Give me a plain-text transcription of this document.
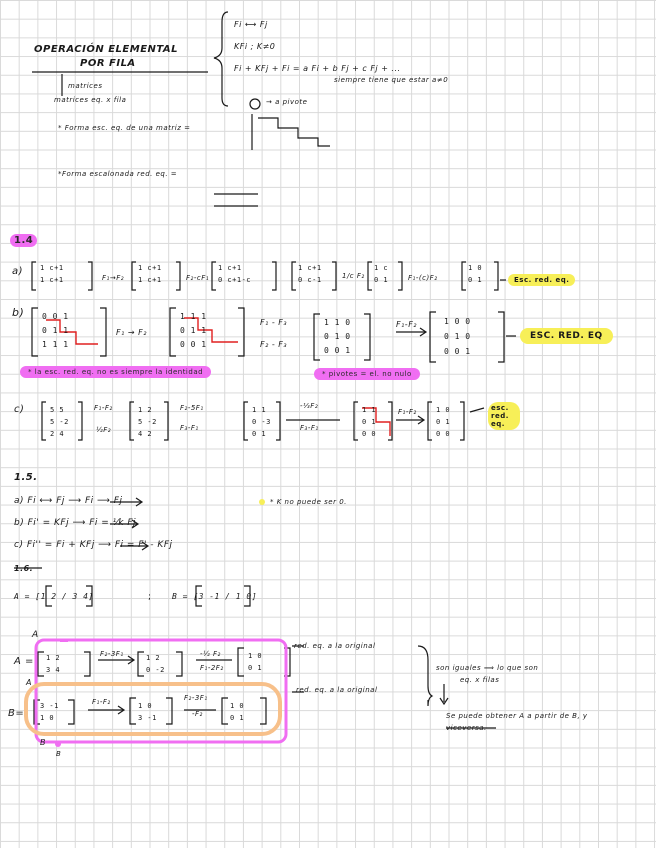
OPERACIÓN ELEMENTAL
POR FILA
matrices
matrices eq. x fila
Fi ⟷ Fj
KFi ; K≠0
Fi + KFj + Fi = a Fi + b Fj + c Fj + ...
siempre tiene que estar a≠0
→ a pivote
* Forma esc. eq. de una matriz =
*Forma escalonada red. eq. =
1.4
a)
F₁→F₂	F₂-cF₁	1/c F₂	F₁-(c)F₂	Esc. red. eq.
b)
F₁ → F₂
F₁ - F₃
F₂ - F₃
F₁-F₂
ESC. RED. EQ
* la esc. red. eq. no es siempre la identidad	* pivotes = el. no nulo
c)	F₁-F₂
½F₂
F₂-5F₁
F₃-F₁
-⅓F₂
F₃-F₁
F₁-F₂	esc. red. eq.
1 c+1
1 c+1
1 c+1
1 c+1
1 c+1
0 c+1-c
1 c+1
0 c-1
1 c
0 1
1 0
0 1
0 0 1
0 1 1
1 1 1
1 1 1
0 1 1
0 0 1
1 1 0
0 1 0
0 0 1
1 0 0
0 1 0
0 0 1
5 5
5 -2
2 4
1 2
5 -2
4 2
1 1
0 -3
0 1
1 1
0 1
0 0
1 0
0 1
0 0
1.5.
a) Fi ⟷ Fj ⟶ Fi ⟶ Fj
b) Fi' = KFj ⟶ Fi = ⅟k Fj
c) Fi'' = Fi + KFj ⟶ Fi = F' - KFj
* K no puede ser 0.
1.6.
A = [1 2 / 3 4]	;	B = [3 -1 / 1 0]
A
A = 1 2
3 4
F₂-3F₁	1 2
0 -2
-½ F₂
F₁-2F₂
1 0
0 1
red. eq. a la original
A
B=
3 -1
1 0
F₁-F₂	1 0
3 -1
F₂-3F₁
-F₂
1 0
0 1
red. eq. a la original
B
B
son iguales ⟹ lo que son
eq. x filas
Se puede obtener A a partir de B, y
viceversa.
